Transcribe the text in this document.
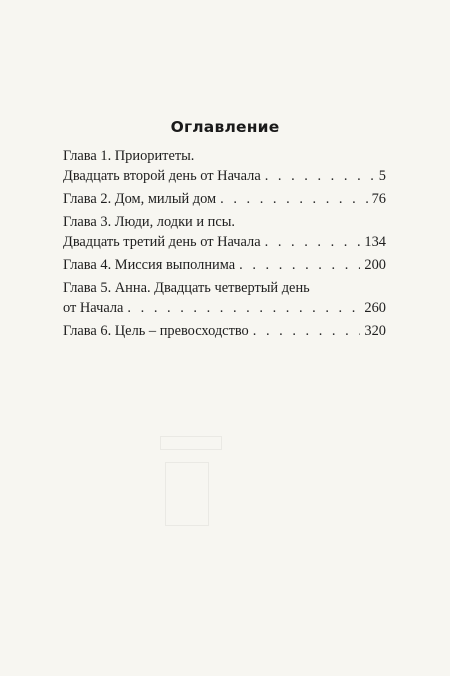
Оглавление
Глава 1. Приоритеты.
Двадцать второй день от Начала . . .	5
Глава 2. Дом, милый дом . . .	76
Глава 3. Люди, лодки и псы.
Двадцать третий день от Начала . . .	134
Глава 4. Миссия выполнима . . .	200
Глава 5. Анна. Двадцать четвертый день
от Начала . . .	260
Глава 6. Цель – превосходство . . .	320
